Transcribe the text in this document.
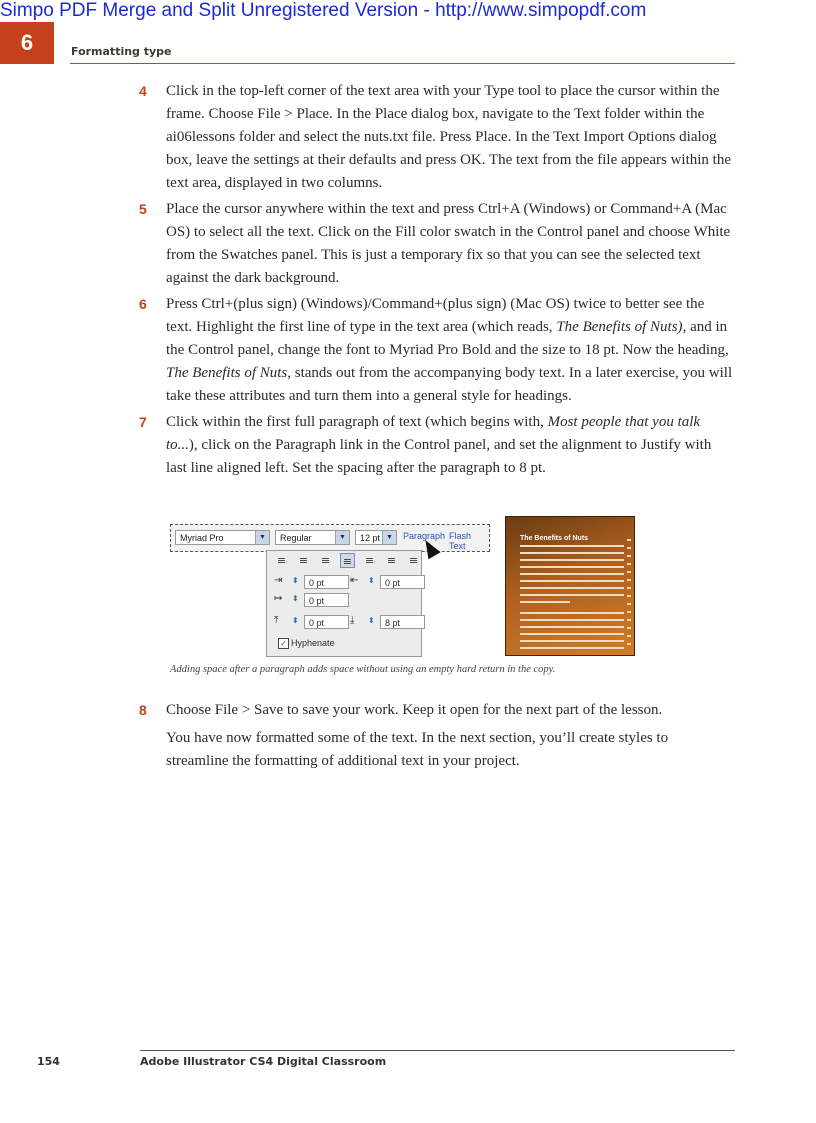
Simpo PDF Merge and Split Unregistered Version - http://www.simpopdf.com
6	Formatting type
4 Click in the top-left corner of the text area with your Type tool to place the cursor within the frame. Choose File > Place. In the Place dialog box, navigate to the Text folder within the ai06lessons folder and select the nuts.txt file. Press Place. In the Text Import Options dialog box, leave the settings at their defaults and press OK. The text from the file appears within the text area, displayed in two columns.
5 Place the cursor anywhere within the text and press Ctrl+A (Windows) or Command+A (Mac OS) to select all the text. Click on the Fill color swatch in the Control panel and choose White from the Swatches panel. This is just a temporary fix so that you can see the selected text against the dark background.
6 Press Ctrl+(plus sign) (Windows)/Command+(plus sign) (Mac OS) twice to better see the text. Highlight the first line of type in the text area (which reads, The Benefits of Nuts), and in the Control panel, change the font to Myriad Pro Bold and the size to 18 pt. Now the heading, The Benefits of Nuts, stands out from the accompanying body text. In a later exercise, you will take these attributes and turn them into a general style for headings.
7 Click within the first full paragraph of text (which begins with, Most people that you talk to...), click on the Paragraph link in the Control panel, and set the alignment to Justify with last line aligned left. Set the spacing after the paragraph to 8 pt.
Myriad Pro	▼	Regular	▼	12 pt ▼	Paragraph Flash Text
≡ ≡ ≡ ≡ ≡ ≡ ≡
⇥	⬍	0 pt	⇤	⬍	0 pt
↦	⬍	0 pt
⤒	⬍	0 pt	⤓	⬍	8 pt
✓ Hyphenate
The Benefits of Nuts
Adding space after a paragraph adds space without using an empty hard return in the copy.
8 Choose File > Save to save your work. Keep it open for the next part of the lesson.
You have now formatted some of the text. In the next section, you’ll create styles to streamline the formatting of additional text in your project.
154	Adobe Illustrator CS4 Digital Classroom
